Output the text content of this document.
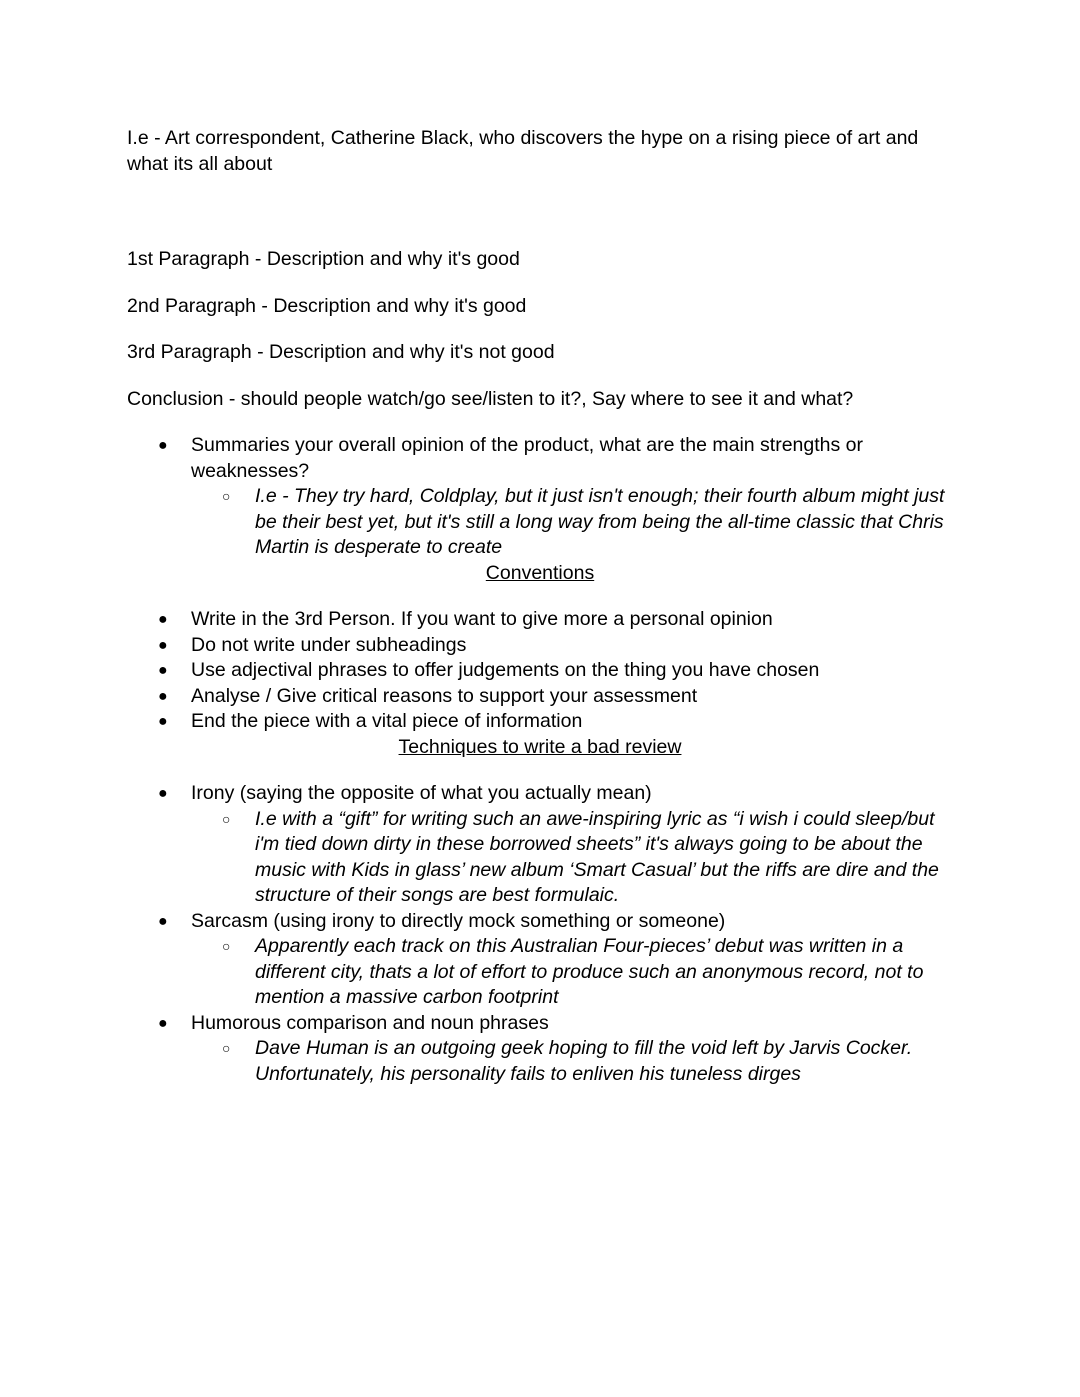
I.e - Art correspondent, Catherine Black, who discovers the hype on a rising piece of art and what its all about

1st Paragraph - Description and why it's good

2nd Paragraph - Description and why it's good

3rd Paragraph - Description and why it's not good

Conclusion - should people watch/go see/listen to it?, Say where to see it and what?

● Summaries your overall opinion of the product, what are the main strengths or weaknesses?
○ I.e - They try hard, Coldplay, but it just isn't enough; their fourth album might just be their best yet, but it's still a long way from being the all-time classic that Chris Martin is desperate to create

Conventions

● Write in the 3rd Person. If you want to give more a personal opinion
● Do not write under subheadings
● Use adjectival phrases to offer judgements on the thing you have chosen
● Analyse / Give critical reasons to support your assessment
● End the piece with a vital piece of information

Techniques to write a bad review

● Irony (saying the opposite of what you actually mean)
○ I.e with a “gift” for writing such an awe-inspiring lyric as “i wish i could sleep/but i'm tied down dirty in these borrowed sheets” it's always going to be about the music with Kids in glass’ new album ‘Smart Casual’ but the riffs are dire and the structure of their songs are best formulaic.
● Sarcasm (using irony to directly mock something or someone)
○ Apparently each track on this Australian Four-pieces’ debut was written in a different city, thats a lot of effort to produce such an anonymous record, not to mention a massive carbon footprint
● Humorous comparison and noun phrases
○ Dave Human is an outgoing geek hoping to fill the void left by Jarvis Cocker. Unfortunately, his personality fails to enliven his tuneless dirges
